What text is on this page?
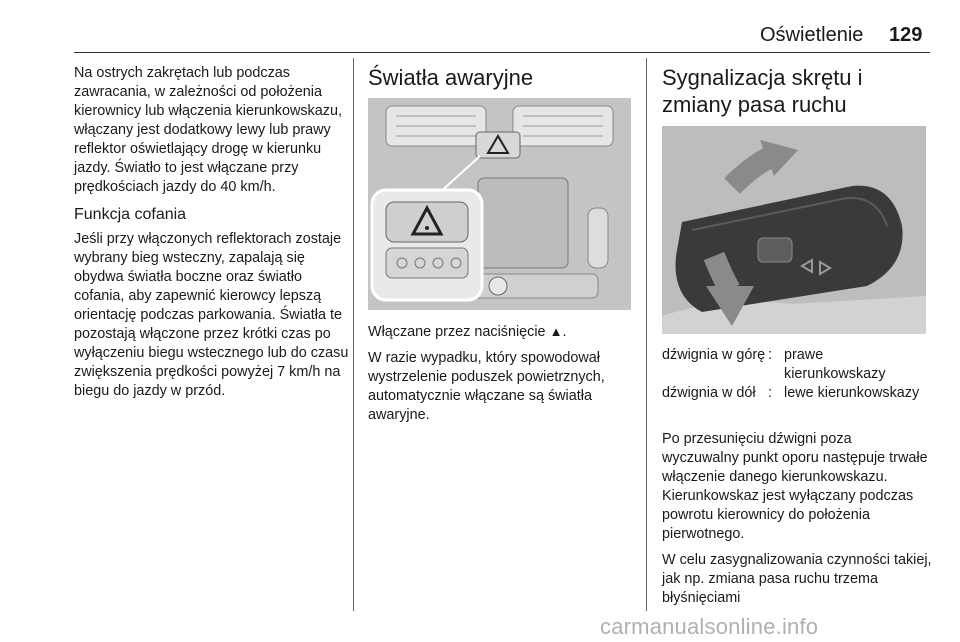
Oświetlenie 129

Na ostrych zakrętach lub podczas zawracania, w zależności od położenia kierownicy lub włączenia kierunkowskazu, włączany jest dodatkowy lewy lub prawy reflektor oświetlający drogę w kierunku jazdy. Światło to jest włączane przy prędkościach jazdy do 40 km/h.

Funkcja cofania

Jeśli przy włączonych reflektorach zostaje wybrany bieg wsteczny, zapalają się obydwa światła boczne oraz światło cofania, aby zapewnić kierowcy lepszą orientację podczas parkowania. Światła te pozostają włączone przez krótki czas po wyłączeniu biegu wstecznego lub do czasu zwiększenia prędkości powyżej 7 km/h na biegu do jazdy w przód.

Światła awaryjne

Włączane przez naciśnięcie ▲.

W razie wypadku, który spowodował wystrzelenie poduszek powietrznych, automatycznie włączane są światła awaryjne.

Sygnalizacja skrętu i zmiany pasa ruchu
dźwignia w górę : prawe kierunkowskazy
dźwignia w dół : lewe kierunkowskazy

Po przesunięciu dźwigni poza wyczuwalny punkt oporu następuje trwałe włączenie danego kierunkowskazu. Kierunkowskaz jest wyłączany podczas powrotu kierownicy do położenia pierwotnego.

W celu zasygnalizowania czynności takiej, jak np. zmiana pasa ruchu trzema błyśnięciami

carmanualsonline.info
